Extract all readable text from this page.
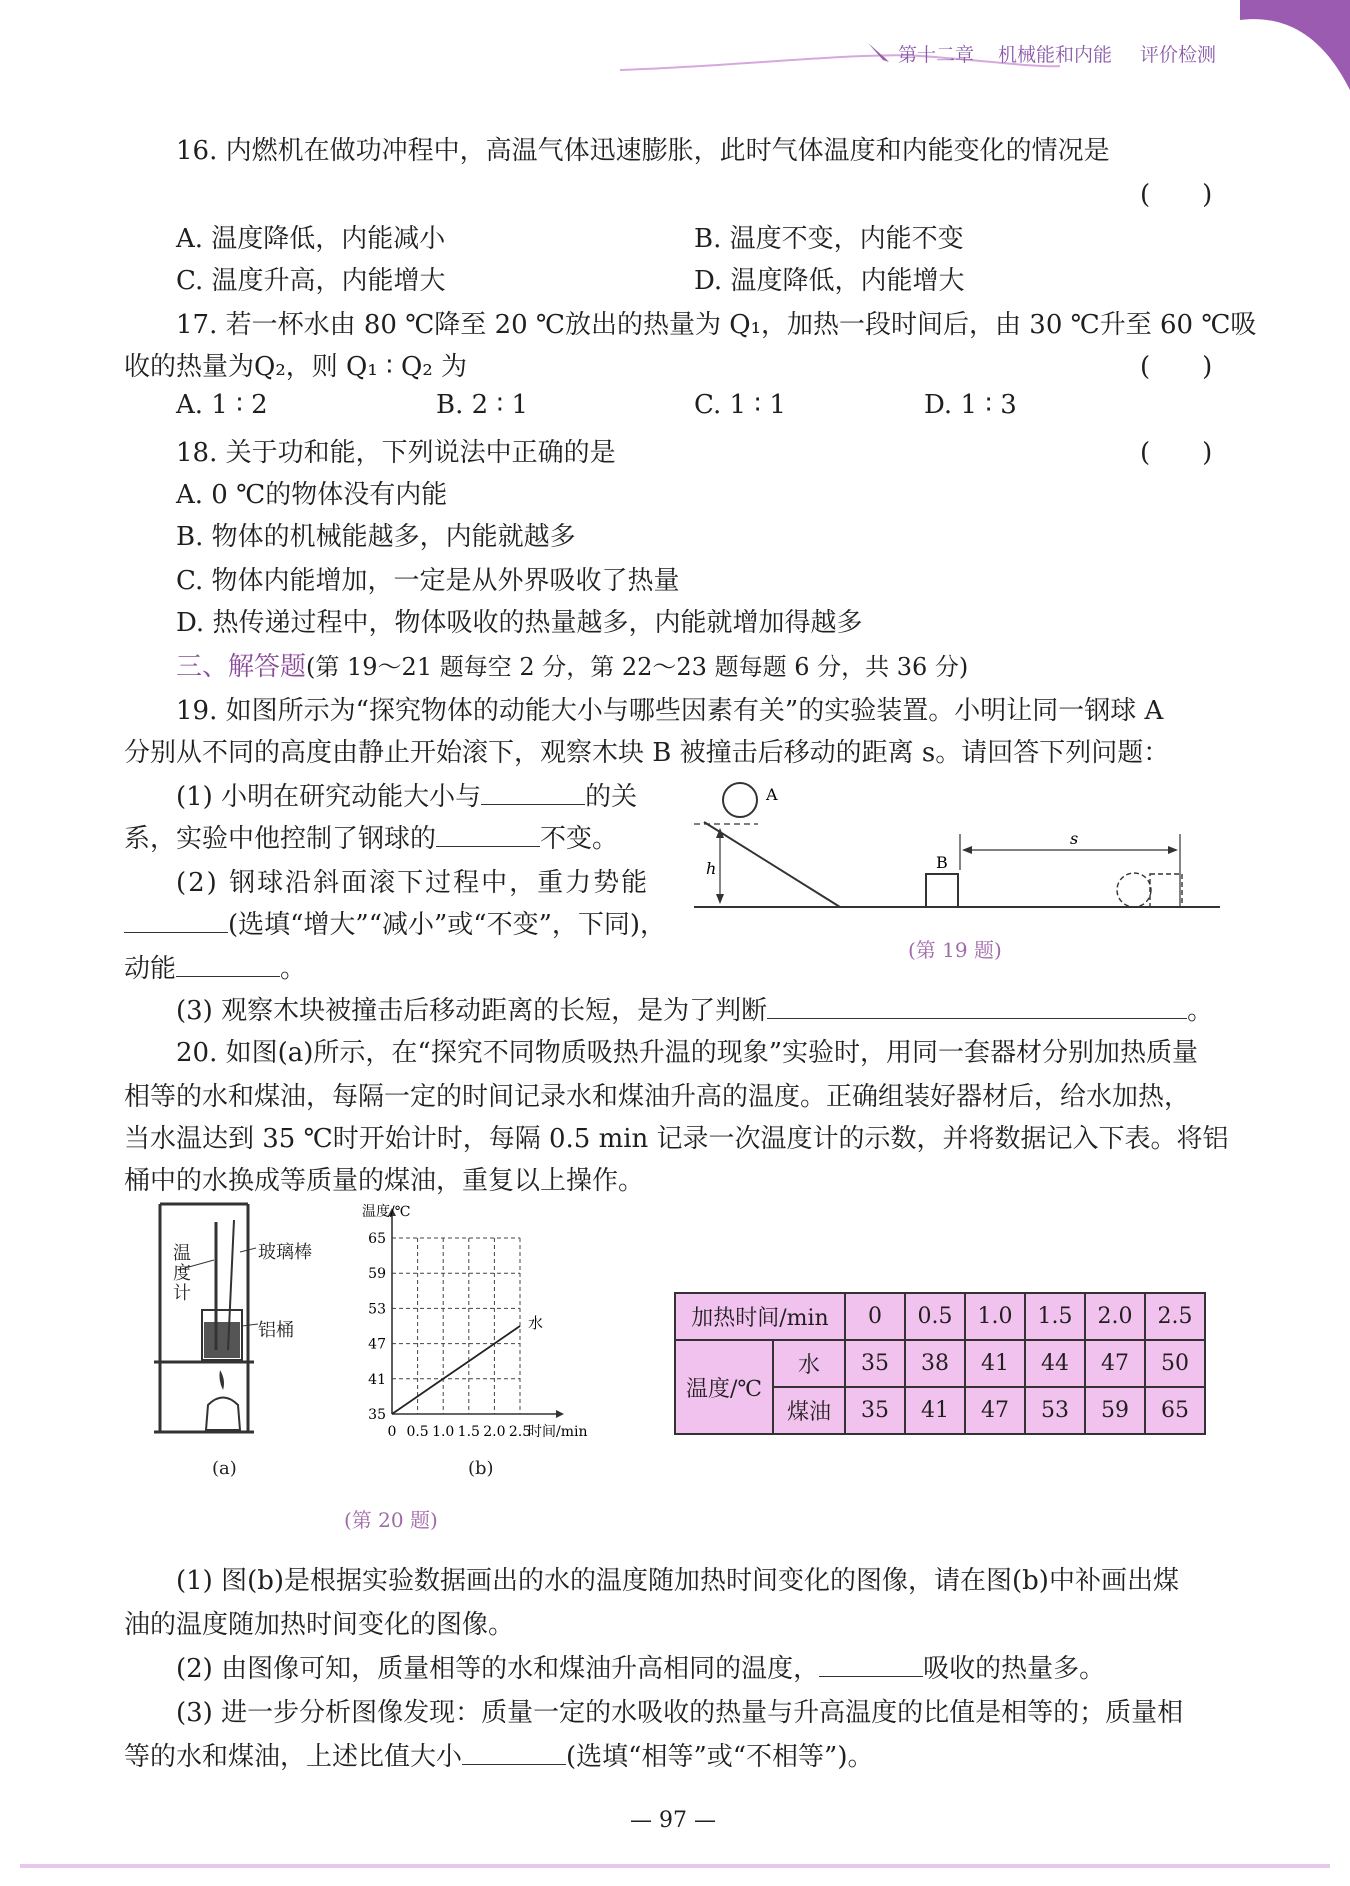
第十二章 机械能和内能 评价检测
16. 内燃机在做功冲程中，高温气体迅速膨胀，此时气体温度和内能变化的情况是
(　　)
A. 温度降低，内能减小	B. 温度不变，内能不变
C. 温度升高，内能增大	D. 温度降低，内能增大
17. 若一杯水由 80 ℃降至 20 ℃放出的热量为 Q₁，加热一段时间后，由 30 ℃升至 60 ℃吸
收的热量为Q₂，则 Q₁ ∶ Q₂ 为	(　　)
A. 1 ∶ 2	B. 2 ∶ 1	C. 1 ∶ 1	D. 1 ∶ 3
18. 关于功和能，下列说法中正确的是	(　　)
A. 0 ℃的物体没有内能
B. 物体的机械能越多，内能就越多
C. 物体内能增加，一定是从外界吸收了热量
D. 热传递过程中，物体吸收的热量越多，内能就增加得越多
三、解答题(第 19～21 题每空 2 分，第 22～23 题每题 6 分，共 36 分)
19. 如图所示为“探究物体的动能大小与哪些因素有关”的实验装置。小明让同一钢球 A
分别从不同的高度由静止开始滚下，观察木块 B 被撞击后移动的距离 s。请回答下列问题：
(1) 小明在研究动能大小与	的关
系，实验中他控制了钢球的	不变。
(2) 钢球沿斜面滚下过程中，重力势能
(选填“增大”“减小”或“不变”，下同)，
动能	。
(3) 观察木块被撞击后移动距离的长短，是为了判断	。
A
h	B
s
(第 19 题)
20. 如图(a)所示，在“探究不同物质吸热升温的现象”实验时，用同一套器材分别加热质量
相等的水和煤油，每隔一定的时间记录水和煤油升高的温度。正确组装好器材后，给水加热，
当水温达到 35 ℃时开始计时，每隔 0.5 min 记录一次温度计的示数，并将数据记入下表。将铝
桶中的水换成等质量的煤油，重复以上操作。
温度计
玻璃棒
铝桶
(a)
0 0.5 1.0 1.5 2.0 2.5
35
41
47
53
59
65
时间/min
温度/℃
水
(b)
加热时间/min		0	0.5	1.0	1.5	2.0	2.5
温度/℃	水	35	38	41	44	47	50
	煤油	35	41	47	53	59	65
(第 20 题)
(1) 图(b)是根据实验数据画出的水的温度随加热时间变化的图像，请在图(b)中补画出煤
油的温度随加热时间变化的图像。
(2) 由图像可知，质量相等的水和煤油升高相同的温度，	吸收的热量多。
(3) 进一步分析图像发现：质量一定的水吸收的热量与升高温度的比值是相等的；质量相
等的水和煤油，上述比值大小	(选填“相等”或“不相等”)。
— 97 —
